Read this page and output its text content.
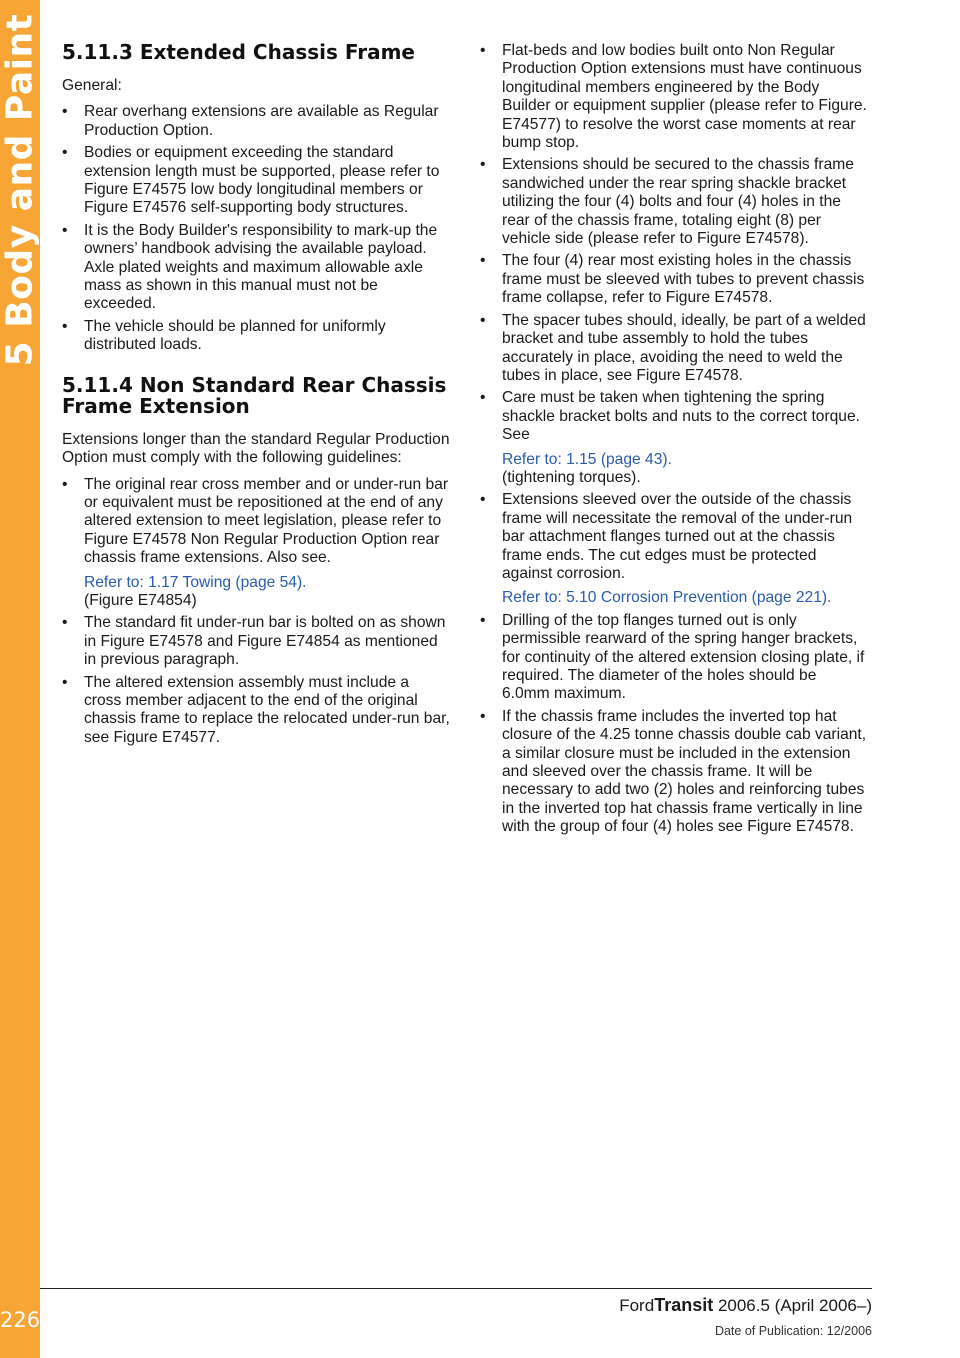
5 Body and Paint
226
5.11.3 Extended Chassis Frame

General:

• Rear overhang extensions are available as Regular Production Option.
• Bodies or equipment exceeding the standard extension length must be supported, please refer to Figure E74575 low body longitudinal members or Figure E74576 self-supporting body structures.
• It is the Body Builder's responsibility to mark-up the owners’ handbook advising the available payload. Axle plated weights and maximum allowable axle mass as shown in this manual must not be exceeded.
• The vehicle should be planned for uniformly distributed loads.
5.11.4 Non Standard Rear Chassis Frame Extension

Extensions longer than the standard Regular Production Option must comply with the following guidelines:

• The original rear cross member and or under-run bar or equivalent must be repositioned at the end of any altered extension to meet legislation, please refer to Figure E74578 Non Regular Production Option rear chassis frame extensions. Also see.
Refer to: 1.17 Towing (page 54).
(Figure E74854)
• The standard fit under-run bar is bolted on as shown in Figure E74578 and Figure E74854 as mentioned in previous paragraph.
• The altered extension assembly must include a cross member adjacent to the end of the original chassis frame to replace the relocated under-run bar, see Figure E74577.
• Flat-beds and low bodies built onto Non Regular Production Option extensions must have continuous longitudinal members engineered by the Body Builder or equipment supplier (please refer to Figure. E74577) to resolve the worst case moments at rear bump stop.
• Extensions should be secured to the chassis frame sandwiched under the rear spring shackle bracket utilizing the four (4) bolts and four (4) holes in the rear of the chassis frame, totaling eight (8) per vehicle side (please refer to Figure E74578).
• The four (4) rear most existing holes in the chassis frame must be sleeved with tubes to prevent chassis frame collapse, refer to Figure E74578.
• The spacer tubes should, ideally, be part of a welded bracket and tube assembly to hold the tubes accurately in place, avoiding the need to weld the tubes in place, see Figure E74578.
• Care must be taken when tightening the spring shackle bracket bolts and nuts to the correct torque. See
Refer to: 1.15 (page 43).
(tightening torques).
• Extensions sleeved over the outside of the chassis frame will necessitate the removal of the under-run bar attachment flanges turned out at the chassis frame ends. The cut edges must be protected against corrosion.
Refer to: 5.10 Corrosion Prevention (page 221).
• Drilling of the top flanges turned out is only permissible rearward of the spring hanger brackets, for continuity of the altered extension closing plate, if required. The diameter of the holes should be 6.0mm maximum.
• If the chassis frame includes the inverted top hat closure of the 4.25 tonne chassis double cab variant, a similar closure must be included in the extension and sleeved over the chassis frame. It will be necessary to add two (2) holes and reinforcing tubes in the inverted top hat chassis frame vertically in line with the group of four (4) holes see Figure E74578.
FordTransit 2006.5 (April 2006–)
Date of Publication: 12/2006
